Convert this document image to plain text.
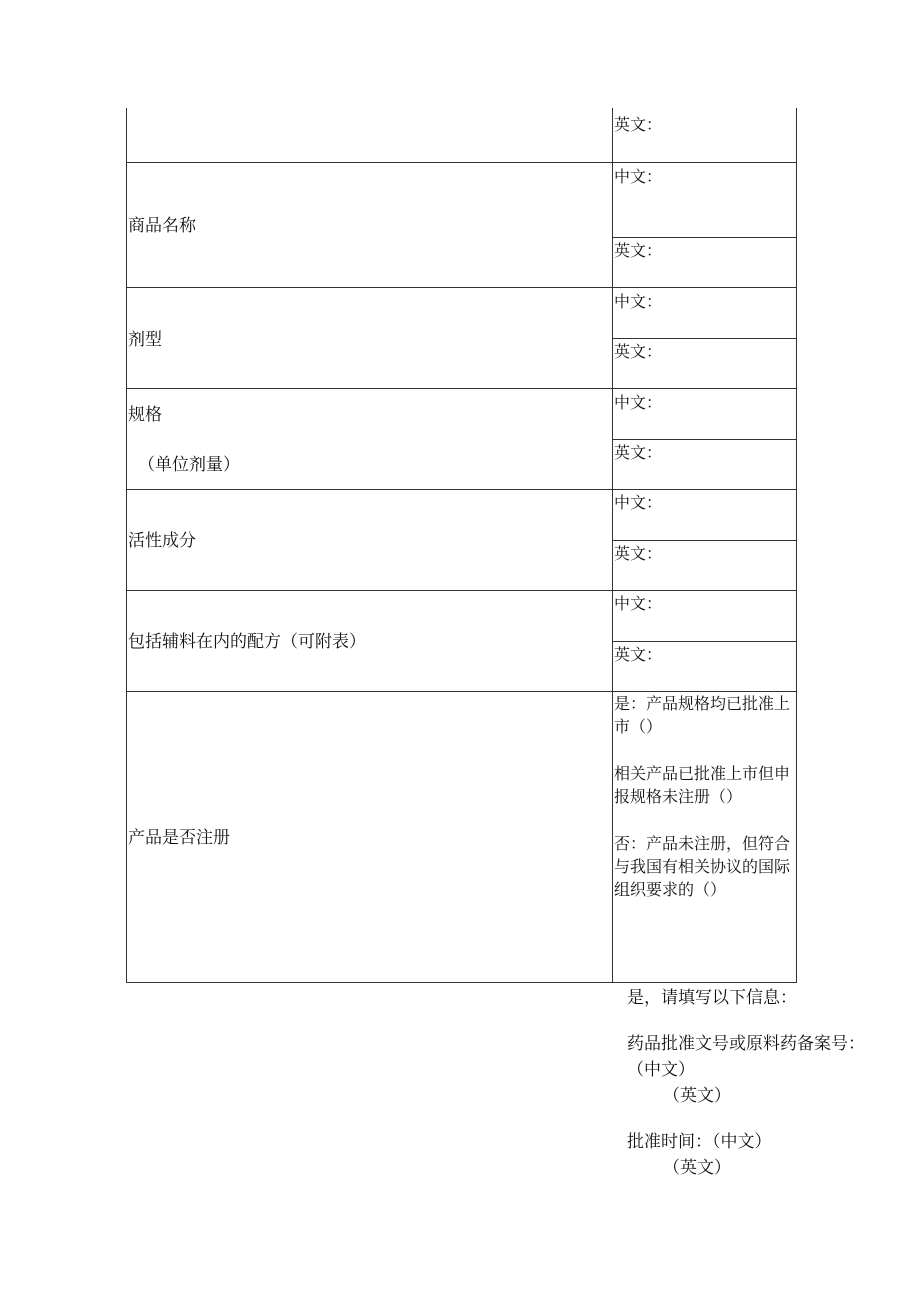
英文：
商品名称
中文：
英文：
剂型
中文：
英文：
规格
（单位剂量）
中文：
英文：
活性成分
中文：
英文：
包括辅料在内的配方（可附表）
中文：
英文：
产品是否注册

是：产品规格均已批准上市（）

相关产品已批准上市但申报规格未注册（）

否：产品未注册，但符合与我国有相关协议的国际组织要求的（）

是，请填写以下信息：

药品批准文号或原料药备案号：（中文）

（英文）

批准时间：（中文）

（英文）
